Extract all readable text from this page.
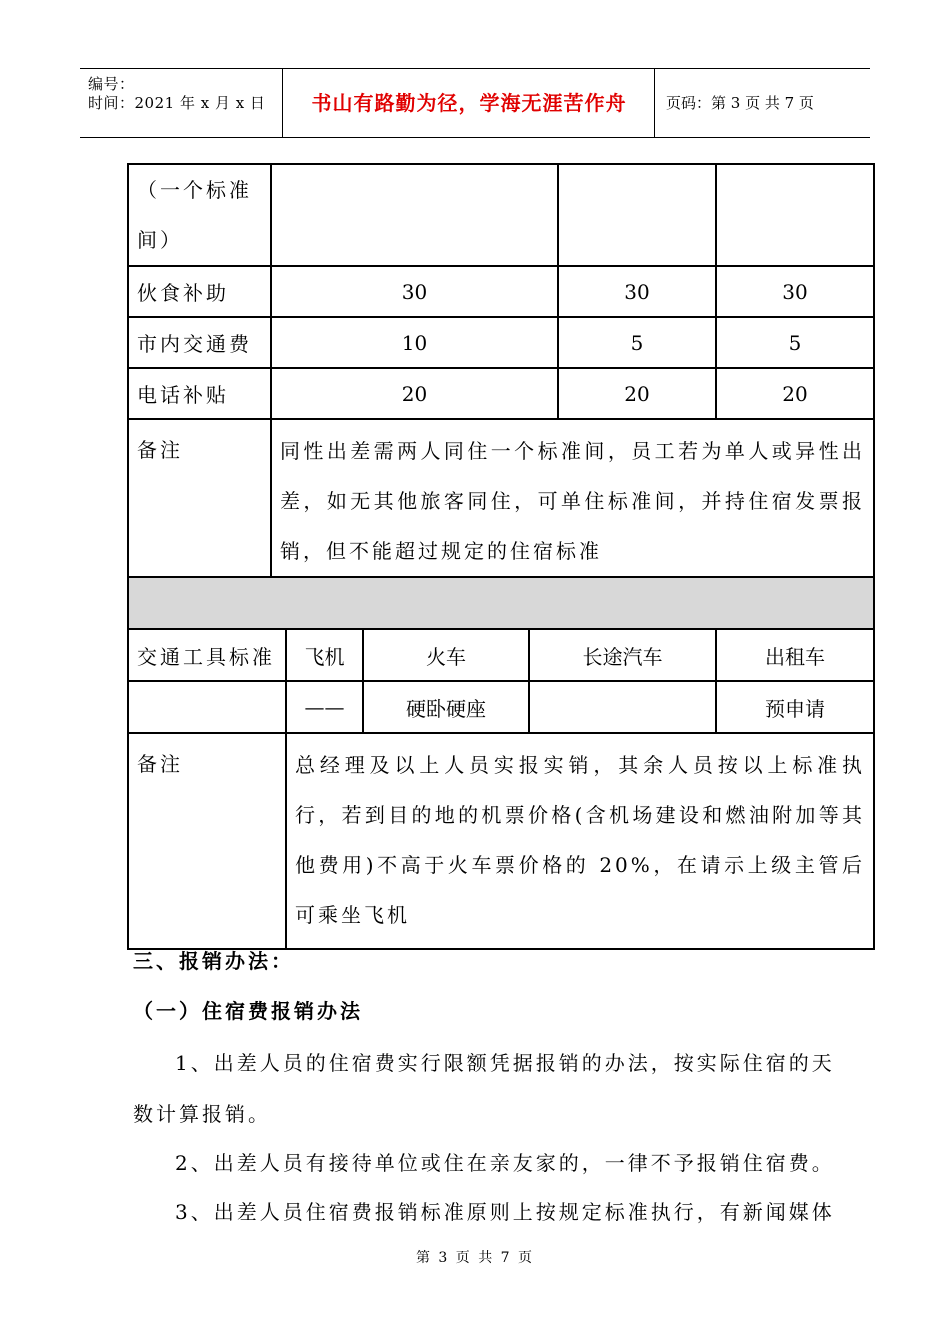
编号：
时间：2021 年 x 月 x 日	书山有路勤为径，学海无涯苦作舟	页码：第 3 页 共 7 页
（一个标准
间）			

伙食补助	30	30	30
市内交通费	10	5	5
电话补贴	20	20	20
备注	同性出差需两人同住一个标准间，员工若为单人或异性出差，如无其他旅客同住，可单住标准间，并持住宿发票报销，但不能超过规定的住宿标准		

交通工具标准	飞机	火车	长途汽车	出租车
	——	硬卧硬座		预申请
备注	总经理及以上人员实报实销，其余人员按以上标准执行，若到目的地的机票价格(含机场建设和燃油附加等其他费用)不高于火车票价格的 20%，在请示上级主管后可乘坐飞机			
三、报销办法：
（一）住宿费报销办法
1、出差人员的住宿费实行限额凭据报销的办法，按实际住宿的天
数计算报销。
2、出差人员有接待单位或住在亲友家的，一律不予报销住宿费。
3、出差人员住宿费报销标准原则上按规定标准执行，有新闻媒体
第 3 页 共 7 页
